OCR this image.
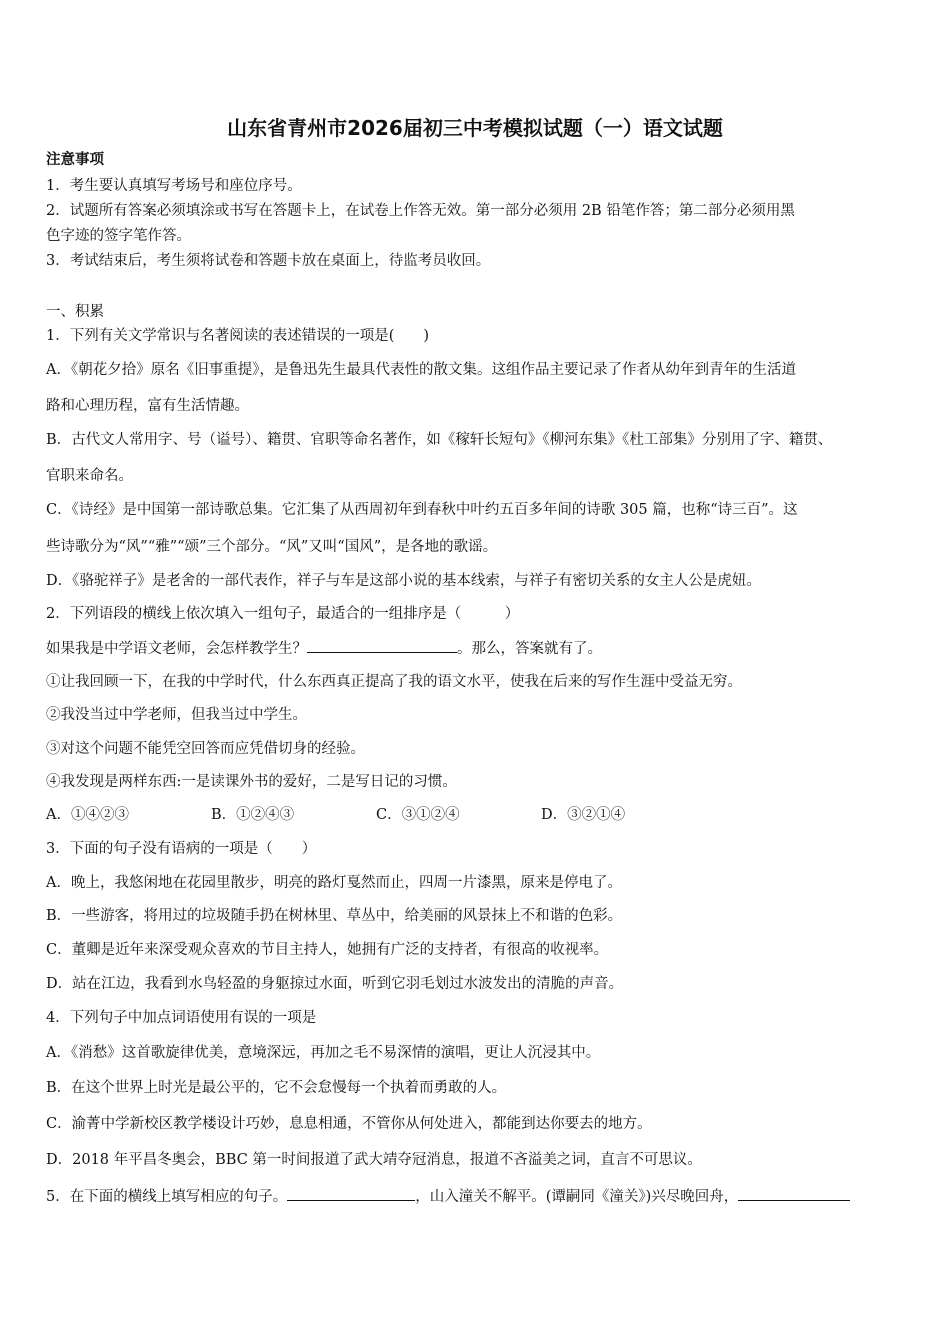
山东省青州市2026届初三中考模拟试题（一）语文试题
注意事项
1．考生要认真填写考场号和座位序号。
2．试题所有答案必须填涂或书写在答题卡上，在试卷上作答无效。第一部分必须用 2B 铅笔作答；第二部分必须用黑
色字迹的签字笔作答。
3．考试结束后，考生须将试卷和答题卡放在桌面上，待监考员收回。
一、积累
1．下列有关文学常识与名著阅读的表述错误的一项是(　　)
A．《朝花夕拾》原名《旧事重提》，是鲁迅先生最具代表性的散文集。这组作品主要记录了作者从幼年到青年的生活道
路和心理历程，富有生活情趣。
B．古代文人常用字、号（谥号）、籍贯、官职等命名著作，如《稼轩长短句》《柳河东集》《杜工部集》分别用了字、籍贯、
官职来命名。
C．《诗经》是中国第一部诗歌总集。它汇集了从西周初年到春秋中叶约五百多年间的诗歌 305 篇，也称“诗三百”。这
些诗歌分为“风”“雅”“颂”三个部分。“风”又叫“国风”，是各地的歌谣。
D．《骆驼祥子》是老舍的一部代表作，祥子与车是这部小说的基本线索，与祥子有密切关系的女主人公是虎妞。
2．下列语段的横线上依次填入一组句子，最适合的一组排序是（　　　）
如果我是中学语文老师，会怎样教学生？	。那么，答案就有了。
①让我回顾一下，在我的中学时代，什么东西真正提高了我的语文水平，使我在后来的写作生涯中受益无穷。
②我没当过中学老师，但我当过中学生。
③对这个问题不能凭空回答而应凭借切身的经验。
④我发现是两样东西:一是读课外书的爱好，二是写日记的习惯。
A．①④②③	B．①②④③	C．③①②④	D．③②①④
3．下面的句子没有语病的一项是（　　）
A．晚上，我悠闲地在花园里散步，明亮的路灯戛然而止，四周一片漆黑，原来是停电了。
B．一些游客，将用过的垃圾随手扔在树林里、草丛中，给美丽的风景抹上不和谐的色彩。
C．董卿是近年来深受观众喜欢的节目主持人，她拥有广泛的支持者，有很高的收视率。
D．站在江边，我看到水鸟轻盈的身躯掠过水面，听到它羽毛划过水波发出的清脆的声音。
4．下列句子中加点词语使用有误的一项是
A．《消愁》这首歌旋律优美，意境深远，再加之毛不易深情的演唱，更让人沉浸其中。
B．在这个世界上时光是最公平的，它不会怠慢每一个执着而勇敢的人。
C．渝菁中学新校区教学楼设计巧妙，息息相通，不管你从何处进入，都能到达你要去的地方。
D．2018 年平昌冬奥会，BBC 第一时间报道了武大靖夺冠消息，报道不吝溢美之词，直言不可思议。
5．在下面的横线上填写相应的句子。	，山入潼关不解平。(谭嗣同《潼关》)兴尽晚回舟，
